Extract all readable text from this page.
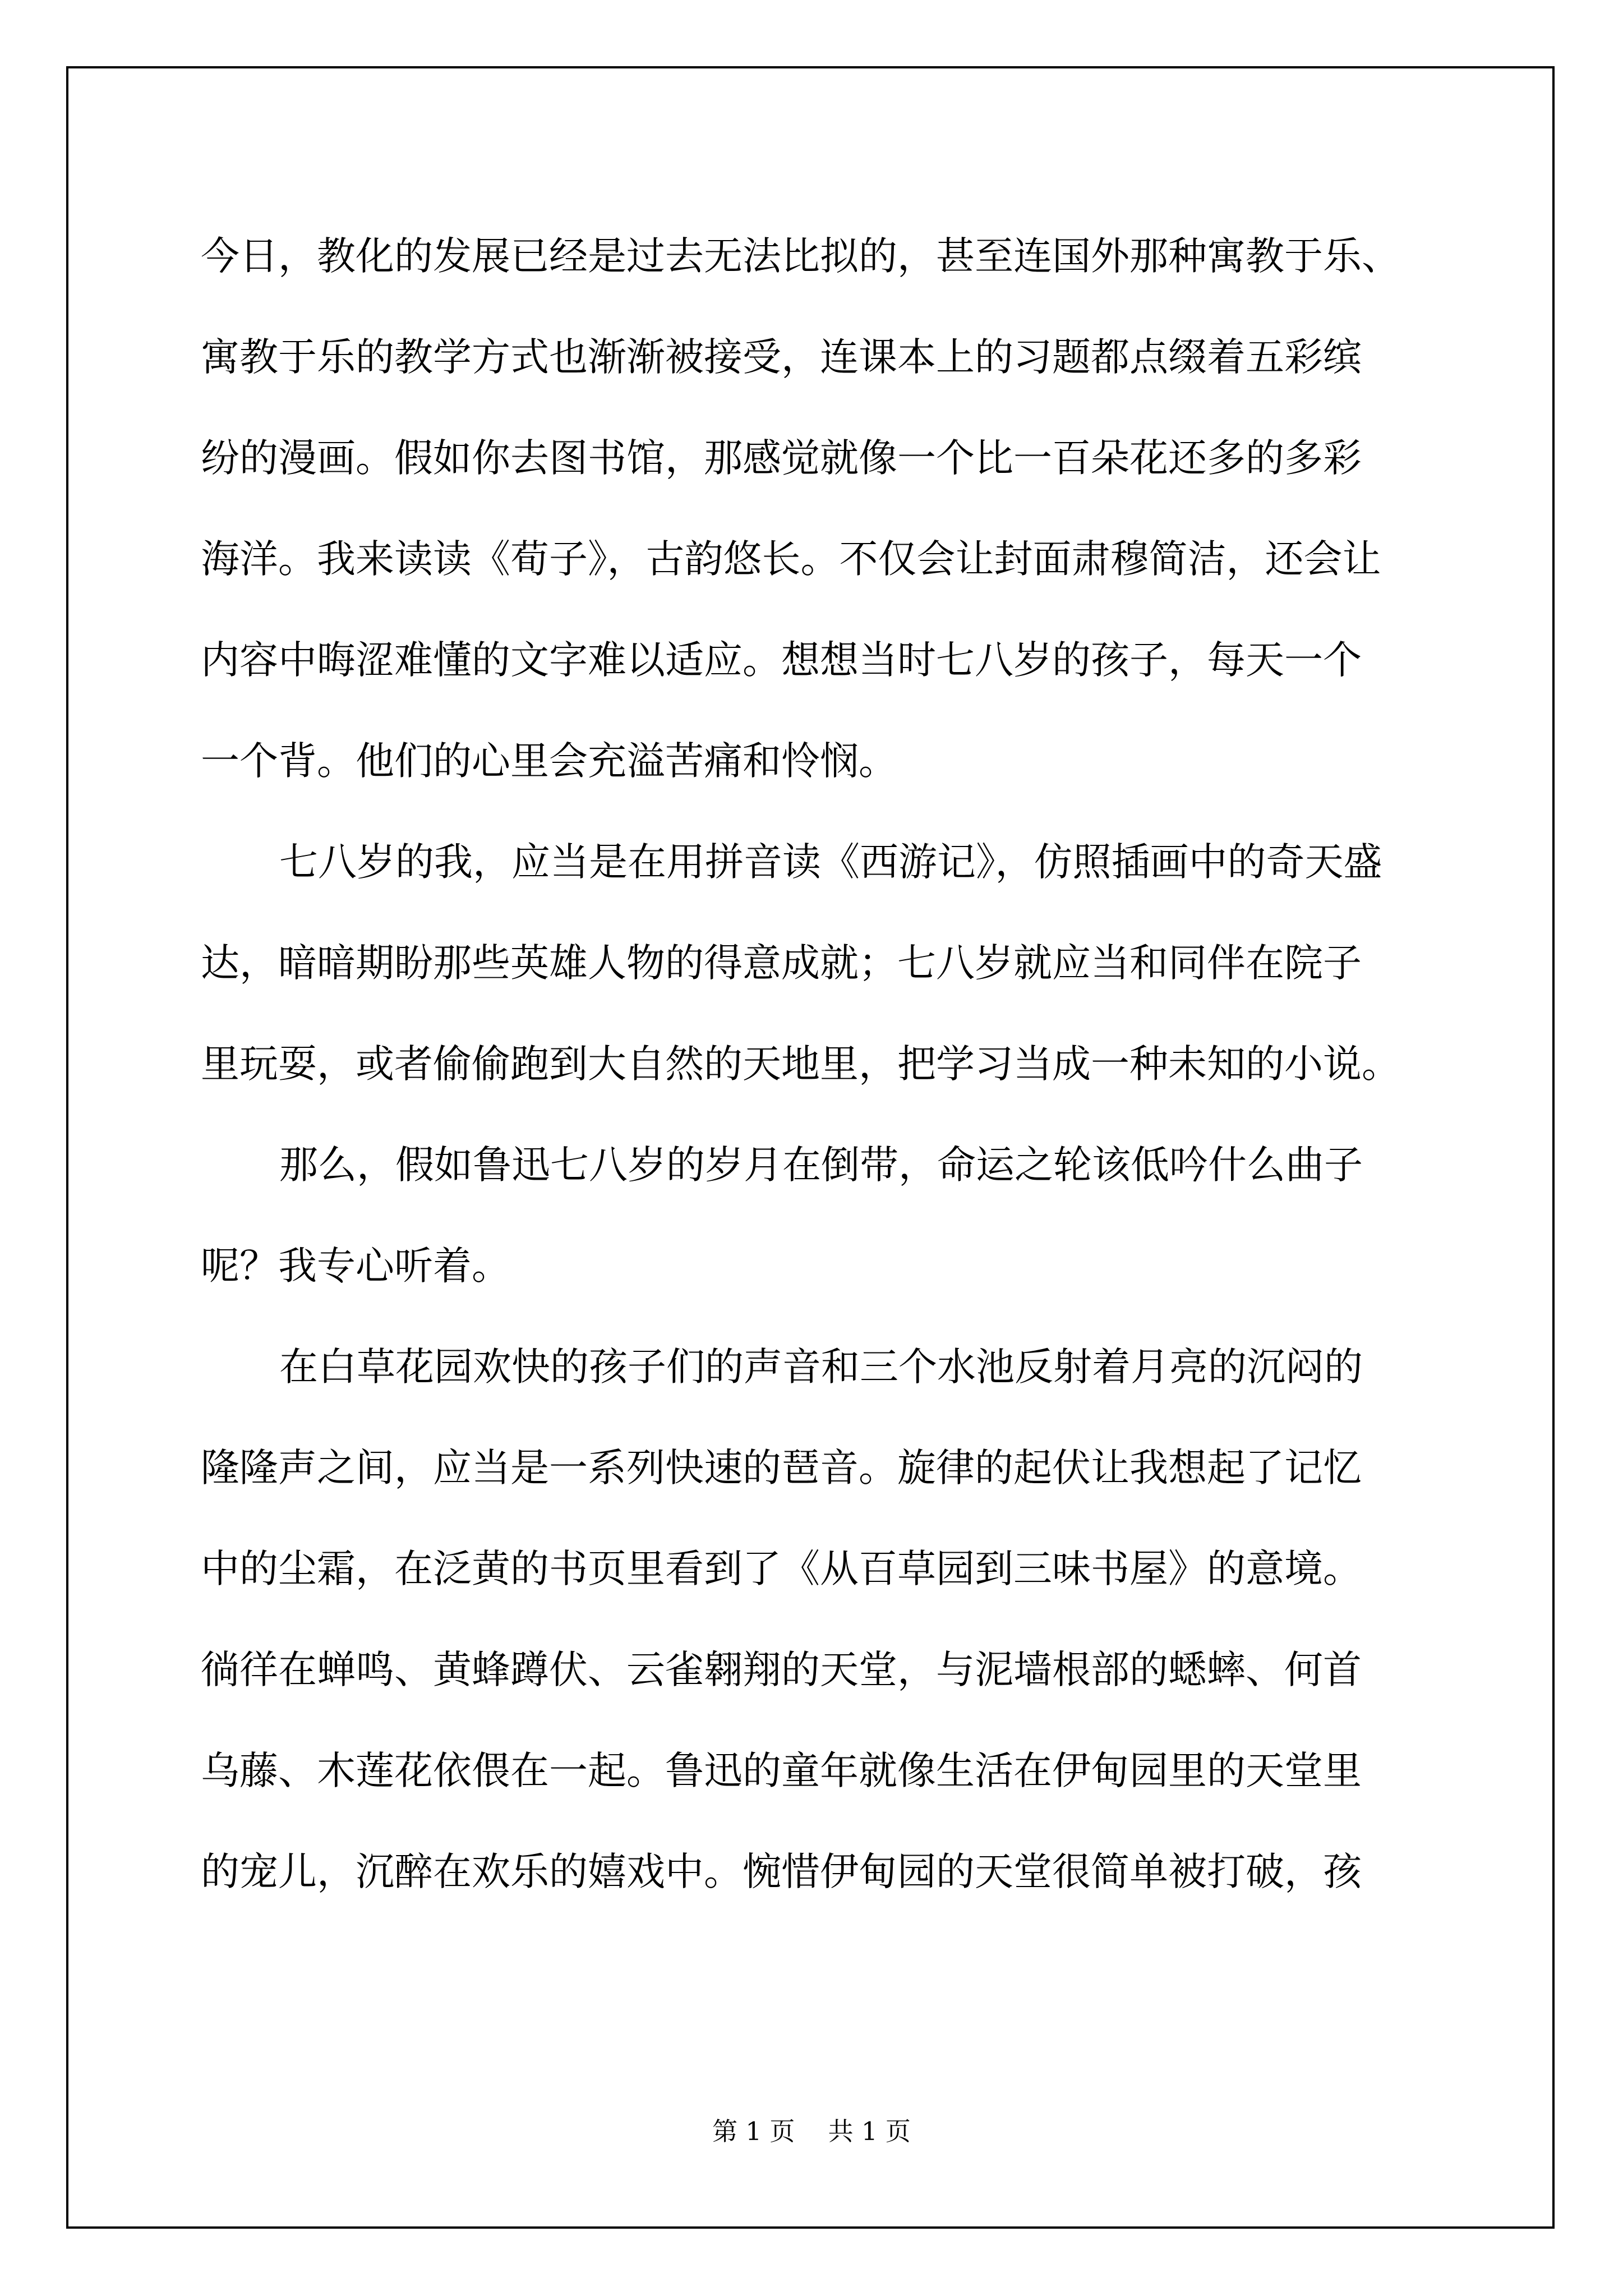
今日，教化的发展已经是过去无法比拟的，甚至连国外那种寓教于乐、
寓教于乐的教学方式也渐渐被接受，连课本上的习题都点缀着五彩缤
纷的漫画。假如你去图书馆，那感觉就像一个比一百朵花还多的多彩
海洋。我来读读《荀子》，古韵悠长。不仅会让封面肃穆简洁，还会让
内容中晦涩难懂的文字难以适应。想想当时七八岁的孩子，每天一个
一个背。他们的心里会充溢苦痛和怜悯。
七八岁的我，应当是在用拼音读《西游记》，仿照插画中的奇天盛
达，暗暗期盼那些英雄人物的得意成就；七八岁就应当和同伴在院子
里玩耍，或者偷偷跑到大自然的天地里，把学习当成一种未知的小说。
那么，假如鲁迅七八岁的岁月在倒带，命运之轮该低吟什么曲子
呢？我专心听着。
在白草花园欢快的孩子们的声音和三个水池反射着月亮的沉闷的
隆隆声之间，应当是一系列快速的琶音。旋律的起伏让我想起了记忆
中的尘霜，在泛黄的书页里看到了《从百草园到三味书屋》的意境。
徜徉在蝉鸣、黄蜂蹲伏、云雀翱翔的天堂，与泥墙根部的蟋蟀、何首
乌藤、木莲花依偎在一起。鲁迅的童年就像生活在伊甸园里的天堂里
的宠儿，沉醉在欢乐的嬉戏中。惋惜伊甸园的天堂很简单被打破，孩
第 1 页　 共 1 页
